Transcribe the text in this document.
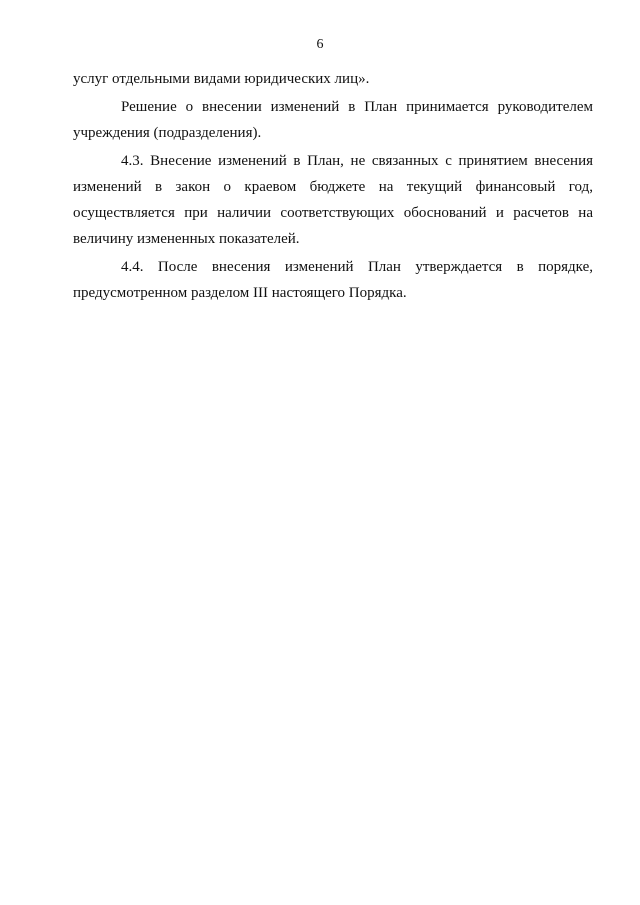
6
услуг отдельными видами юридических лиц».
Решение о внесении изменений в План принимается руководителем
учреждения (подразделения).
4.3. Внесение изменений в План, не связанных с принятием внесения
изменений в закон о краевом бюджете на текущий финансовый год,
осуществляется при наличии соответствующих обоснований и расчетов на
величину измененных показателей.
4.4. После внесения изменений План утверждается в порядке,
предусмотренном разделом III настоящего Порядка.
